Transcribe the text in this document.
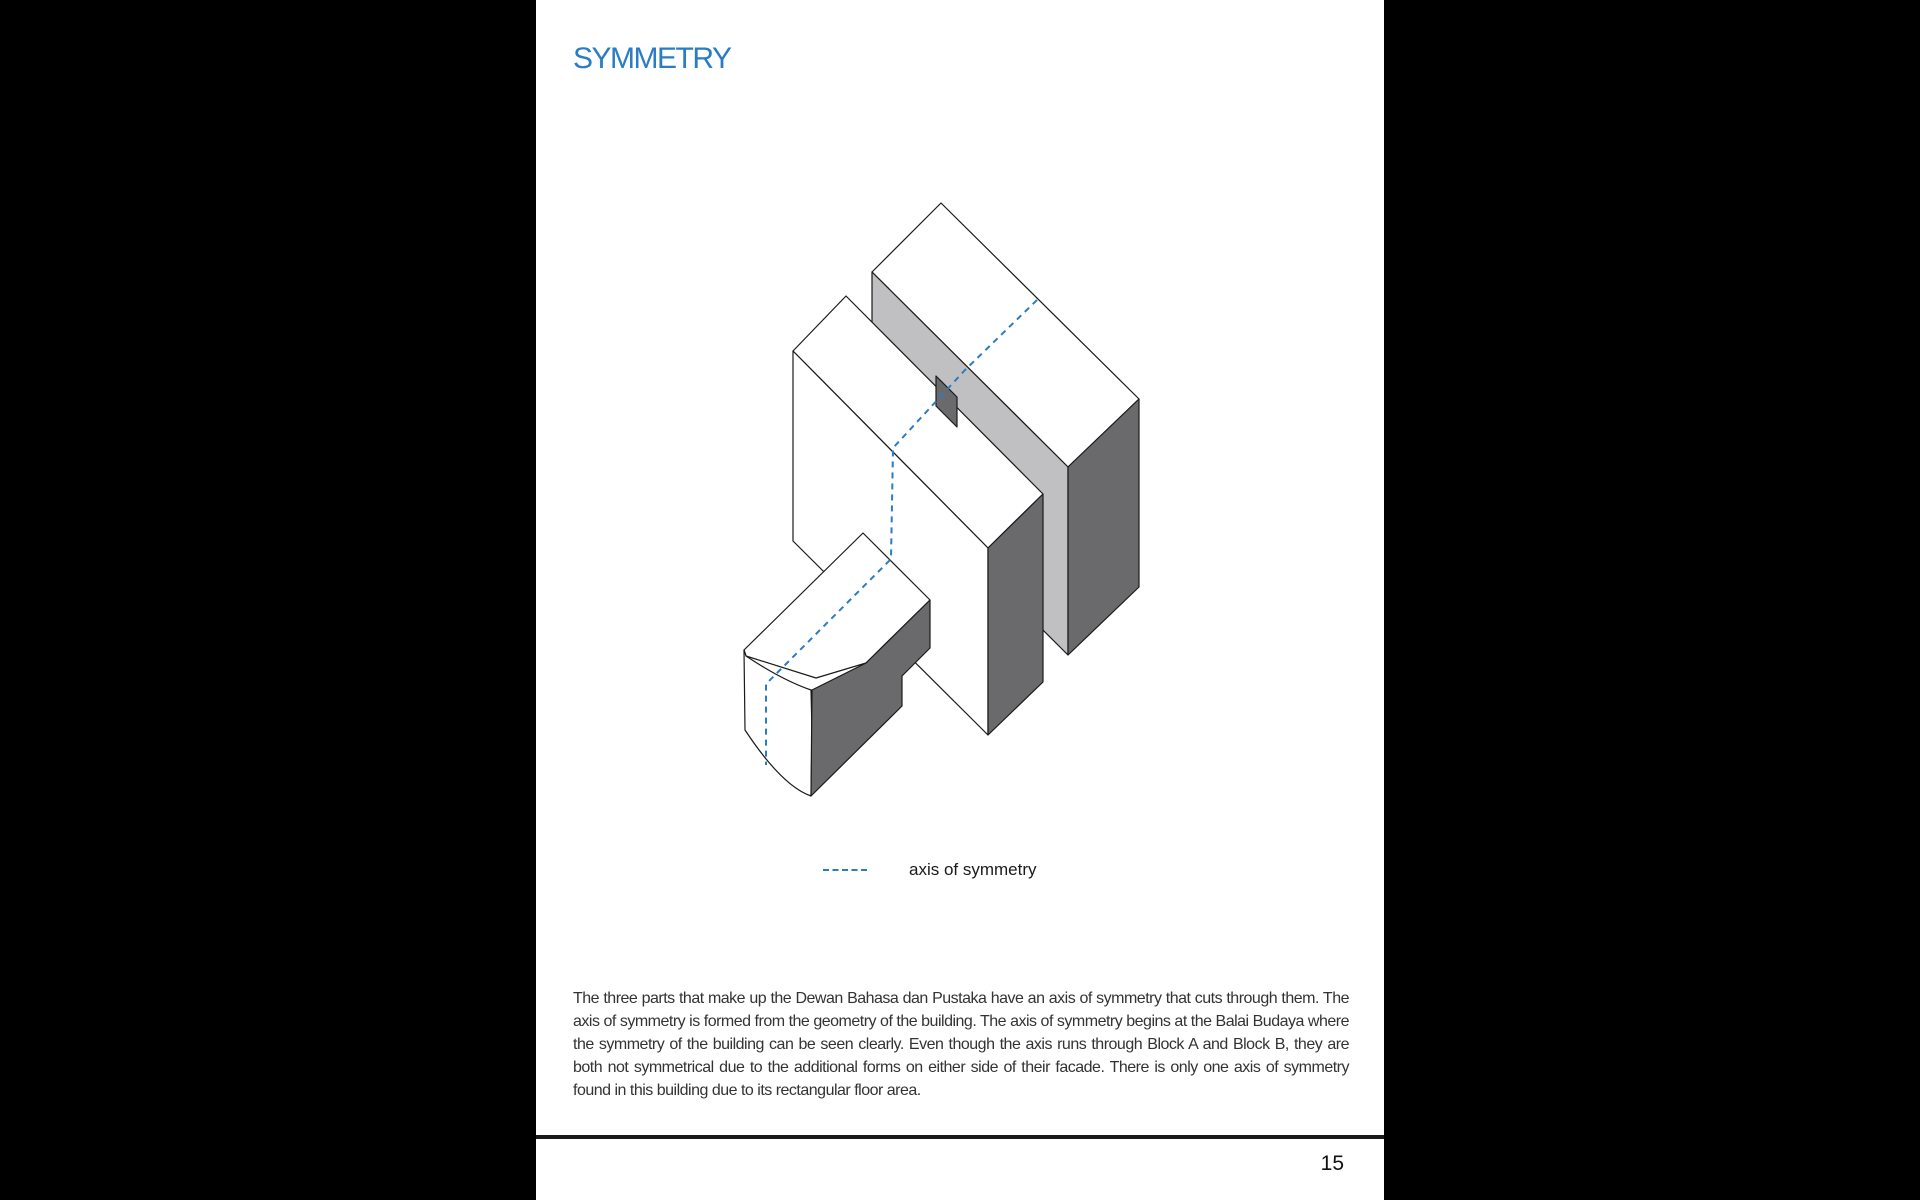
SYMMETRY
axis of symmetry

The three parts that make up the Dewan Bahasa dan Pustaka have an axis of symmetry that cuts through them. The axis of symmetry is formed from the geometry of the building. The axis of symmetry begins at the Balai Budaya where the symmetry of the building can be seen clearly. Even though the axis runs through Block A and Block B, they are both not symmetrical due to the additional forms on either side of their facade. There is only one axis of symmetry found in this building due to its rectangular floor area.

15
